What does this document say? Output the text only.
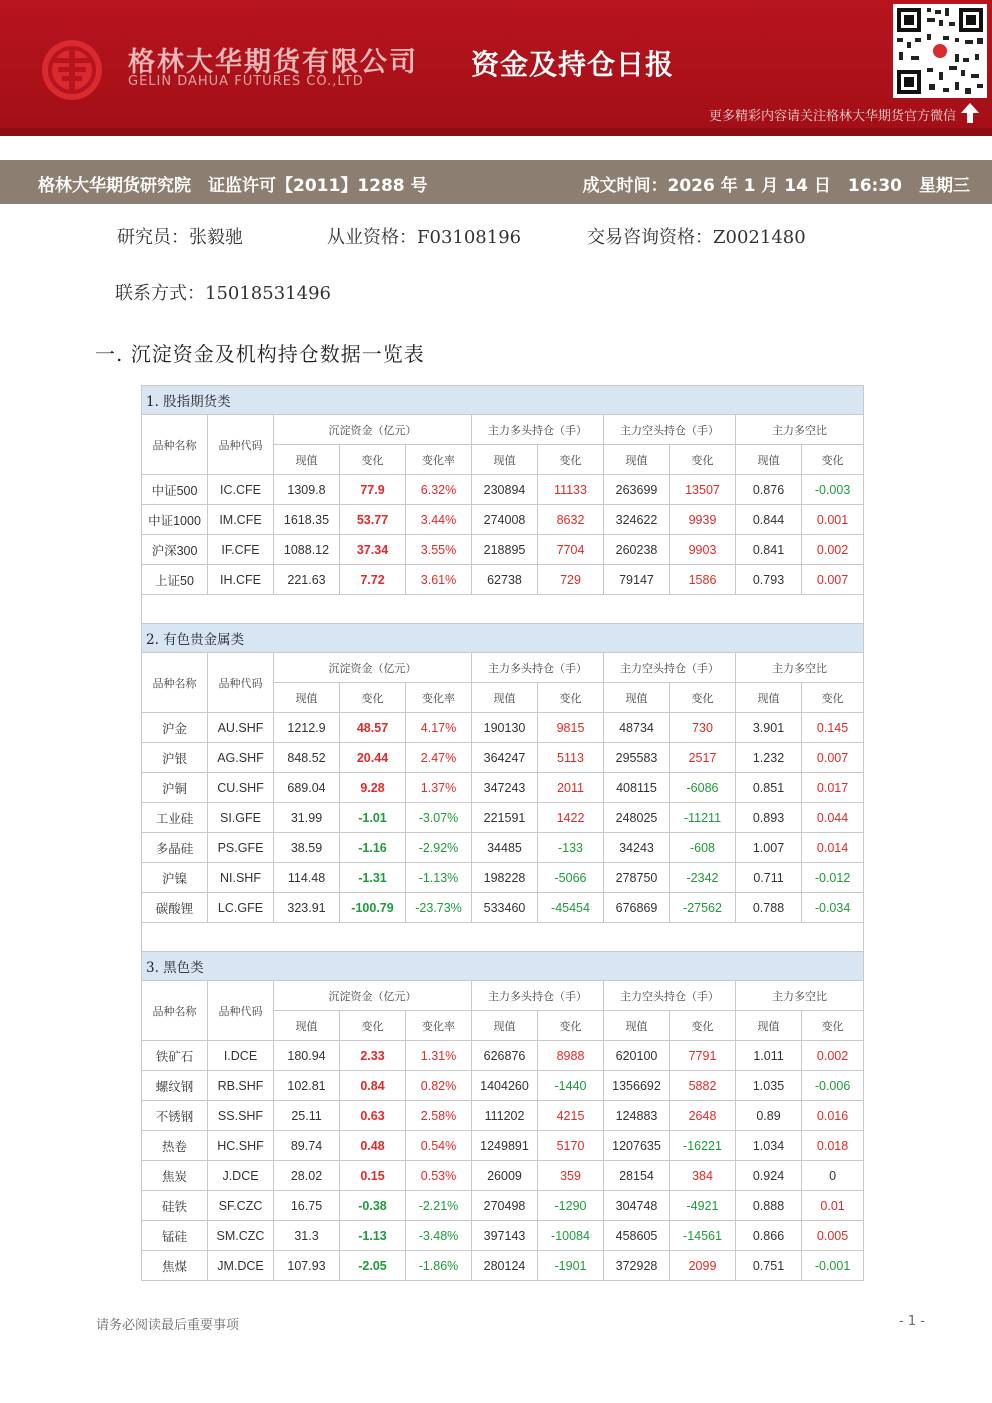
格林大华期货有限公司
GELIN DAHUA FUTURES CO.,LTD
资金及持仓日报
更多精彩内容请关注格林大华期货官方微信
格林大华期货研究院　证监许可【2011】1288 号	成文时间：2026 年 1 月 14 日　16:30　星期三
研究员：张毅驰	从业资格：F03108196	交易咨询资格：Z0021480
联系方式：15018531496
一. 沉淀资金及机构持仓数据一览表
1. 股指期货类										
品种名称	品种代码	沉淀资金（亿元）			主力多头持仓（手）		主力空头持仓（手）		主力多空比	
		现值	变化	变化率	现值	变化	现值	变化	现值	变化
中证500	IC.CFE	1309.8	77.9	6.32%	230894	11133	263699	13507	0.876	-0.003
中证1000	IM.CFE	1618.35	53.77	3.44%	274008	8632	324622	9939	0.844	0.001
沪深300	IF.CFE	1088.12	37.34	3.55%	218895	7704	260238	9903	0.841	0.002
上证50	IH.CFE	221.63	7.72	3.61%	62738	729	79147	1586	0.793	0.007

2. 有色贵金属类										
品种名称	品种代码	沉淀资金（亿元）			主力多头持仓（手）		主力空头持仓（手）		主力多空比	
		现值	变化	变化率	现值	变化	现值	变化	现值	变化
沪金	AU.SHF	1212.9	48.57	4.17%	190130	9815	48734	730	3.901	0.145
沪银	AG.SHF	848.52	20.44	2.47%	364247	5113	295583	2517	1.232	0.007
沪铜	CU.SHF	689.04	9.28	1.37%	347243	2011	408115	-6086	0.851	0.017
工业硅	SI.GFE	31.99	-1.01	-3.07%	221591	1422	248025	-11211	0.893	0.044
多晶硅	PS.GFE	38.59	-1.16	-2.92%	34485	-133	34243	-608	1.007	0.014
沪镍	NI.SHF	114.48	-1.31	-1.13%	198228	-5066	278750	-2342	0.711	-0.012
碳酸锂	LC.GFE	323.91	-100.79	-23.73%	533460	-45454	676869	-27562	0.788	-0.034

3. 黑色类										
品种名称	品种代码	沉淀资金（亿元）			主力多头持仓（手）		主力空头持仓（手）		主力多空比	
		现值	变化	变化率	现值	变化	现值	变化	现值	变化
铁矿石	I.DCE	180.94	2.33	1.31%	626876	8988	620100	7791	1.011	0.002
螺纹钢	RB.SHF	102.81	0.84	0.82%	1404260	-1440	1356692	5882	1.035	-0.006
不锈钢	SS.SHF	25.11	0.63	2.58%	111202	4215	124883	2648	0.89	0.016
热卷	HC.SHF	89.74	0.48	0.54%	1249891	5170	1207635	-16221	1.034	0.018
焦炭	J.DCE	28.02	0.15	0.53%	26009	359	28154	384	0.924	0
硅铁	SF.CZC	16.75	-0.38	-2.21%	270498	-1290	304748	-4921	0.888	0.01
锰硅	SM.CZC	31.3	-1.13	-3.48%	397143	-10084	458605	-14561	0.866	0.005
焦煤	JM.DCE	107.93	-2.05	-1.86%	280124	-1901	372928	2099	0.751	-0.001
请务必阅读最后重要事项	- 1 -
